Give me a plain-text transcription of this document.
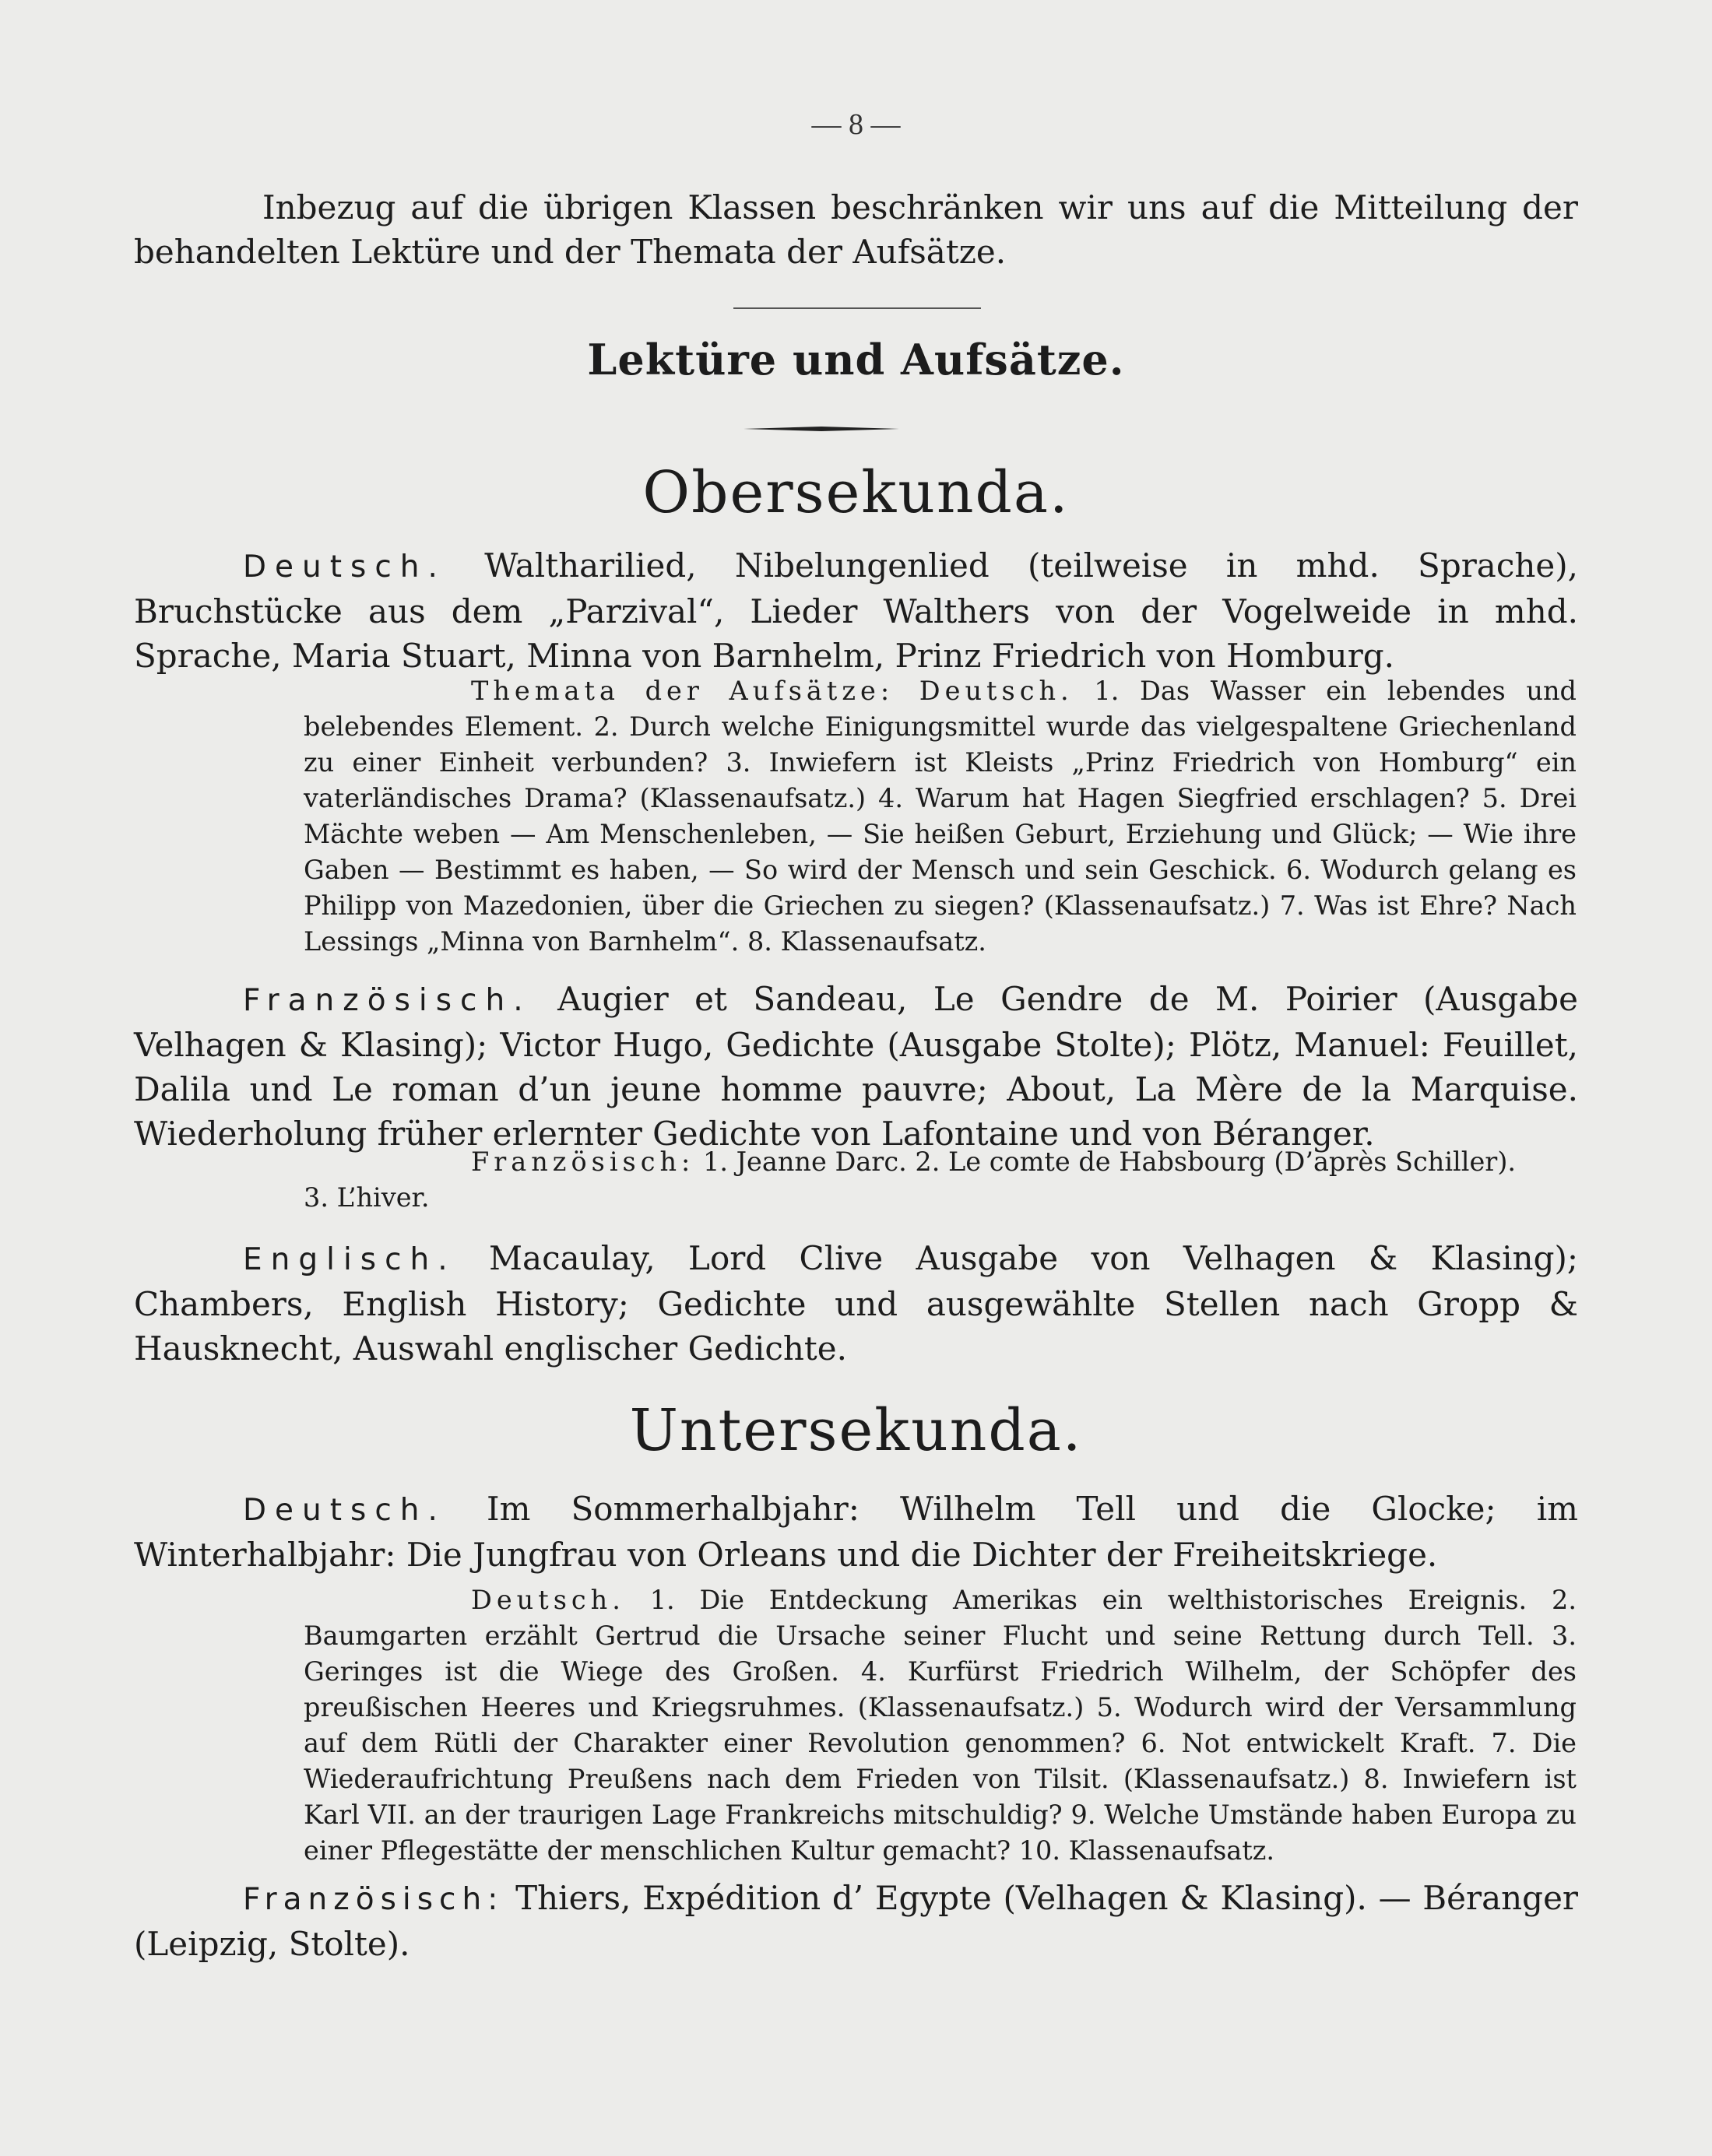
— 8 —

Inbezug auf die übrigen Klassen beschränken wir uns auf die Mitteilung der behandelten Lektüre und der Themata der Aufsätze.

Lektüre und Aufsätze.
Obersekunda.

Deutsch. Waltharilied, Nibelungenlied (teilweise in mhd. Sprache), Bruchstücke aus dem „Parzival“, Lieder Walthers von der Vogelweide in mhd. Sprache, Maria Stuart, Minna von Barnhelm, Prinz Friedrich von Homburg.

Themata der Aufsätze: Deutsch. 1. Das Wasser ein lebendes und belebendes Element. 2. Durch welche Einigungsmittel wurde das vielgespaltene Griechenland zu einer Einheit verbunden? 3. Inwiefern ist Kleists „Prinz Friedrich von Homburg“ ein vaterländisches Drama? (Klassenaufsatz.) 4. Warum hat Hagen Siegfried erschlagen? 5. Drei Mächte weben — Am Menschenleben, — Sie heißen Geburt, Erziehung und Glück; — Wie ihre Gaben — Bestimmt es haben, — So wird der Mensch und sein Geschick. 6. Wodurch gelang es Philipp von Mazedonien, über die Griechen zu siegen? (Klassenaufsatz.) 7. Was ist Ehre? Nach Lessings „Minna von Barnhelm“. 8. Klassenaufsatz.

Französisch. Augier et Sandeau, Le Gendre de M. Poirier (Ausgabe Velhagen & Klasing); Victor Hugo, Gedichte (Ausgabe Stolte); Plötz, Manuel: Feuillet, Dalila und Le roman d’un jeune homme pauvre; About, La Mère de la Marquise. Wiederholung früher erlernter Gedichte von Lafontaine und von Béranger.

Französisch: 1. Jeanne Darc. 2. Le comte de Habsbourg (D’après Schiller).
3. L’hiver.

Englisch. Macaulay, Lord Clive Ausgabe von Velhagen & Klasing); Chambers, English History; Gedichte und ausgewählte Stellen nach Gropp & Hausknecht, Auswahl englischer Gedichte.

Untersekunda.

Deutsch. Im Sommerhalbjahr: Wilhelm Tell und die Glocke; im Winterhalbjahr: Die Jungfrau von Orleans und die Dichter der Freiheitskriege.

Deutsch. 1. Die Entdeckung Amerikas ein welthistorisches Ereignis. 2. Baumgarten erzählt Gertrud die Ursache seiner Flucht und seine Rettung durch Tell. 3. Geringes ist die Wiege des Großen. 4. Kurfürst Friedrich Wilhelm, der Schöpfer des preußischen Heeres und Kriegsruhmes. (Klassenaufsatz.) 5. Wodurch wird der Versammlung auf dem Rütli der Charakter einer Revolution genommen? 6. Not entwickelt Kraft. 7. Die Wiederaufrichtung Preußens nach dem Frieden von Tilsit. (Klassenaufsatz.) 8. Inwiefern ist Karl VII. an der traurigen Lage Frankreichs mitschuldig? 9. Welche Umstände haben Europa zu einer Pflegestätte der menschlichen Kultur gemacht? 10. Klassenaufsatz.

Französisch: Thiers, Expédition d’ Egypte (Velhagen & Klasing). — Béranger (Leipzig, Stolte).
